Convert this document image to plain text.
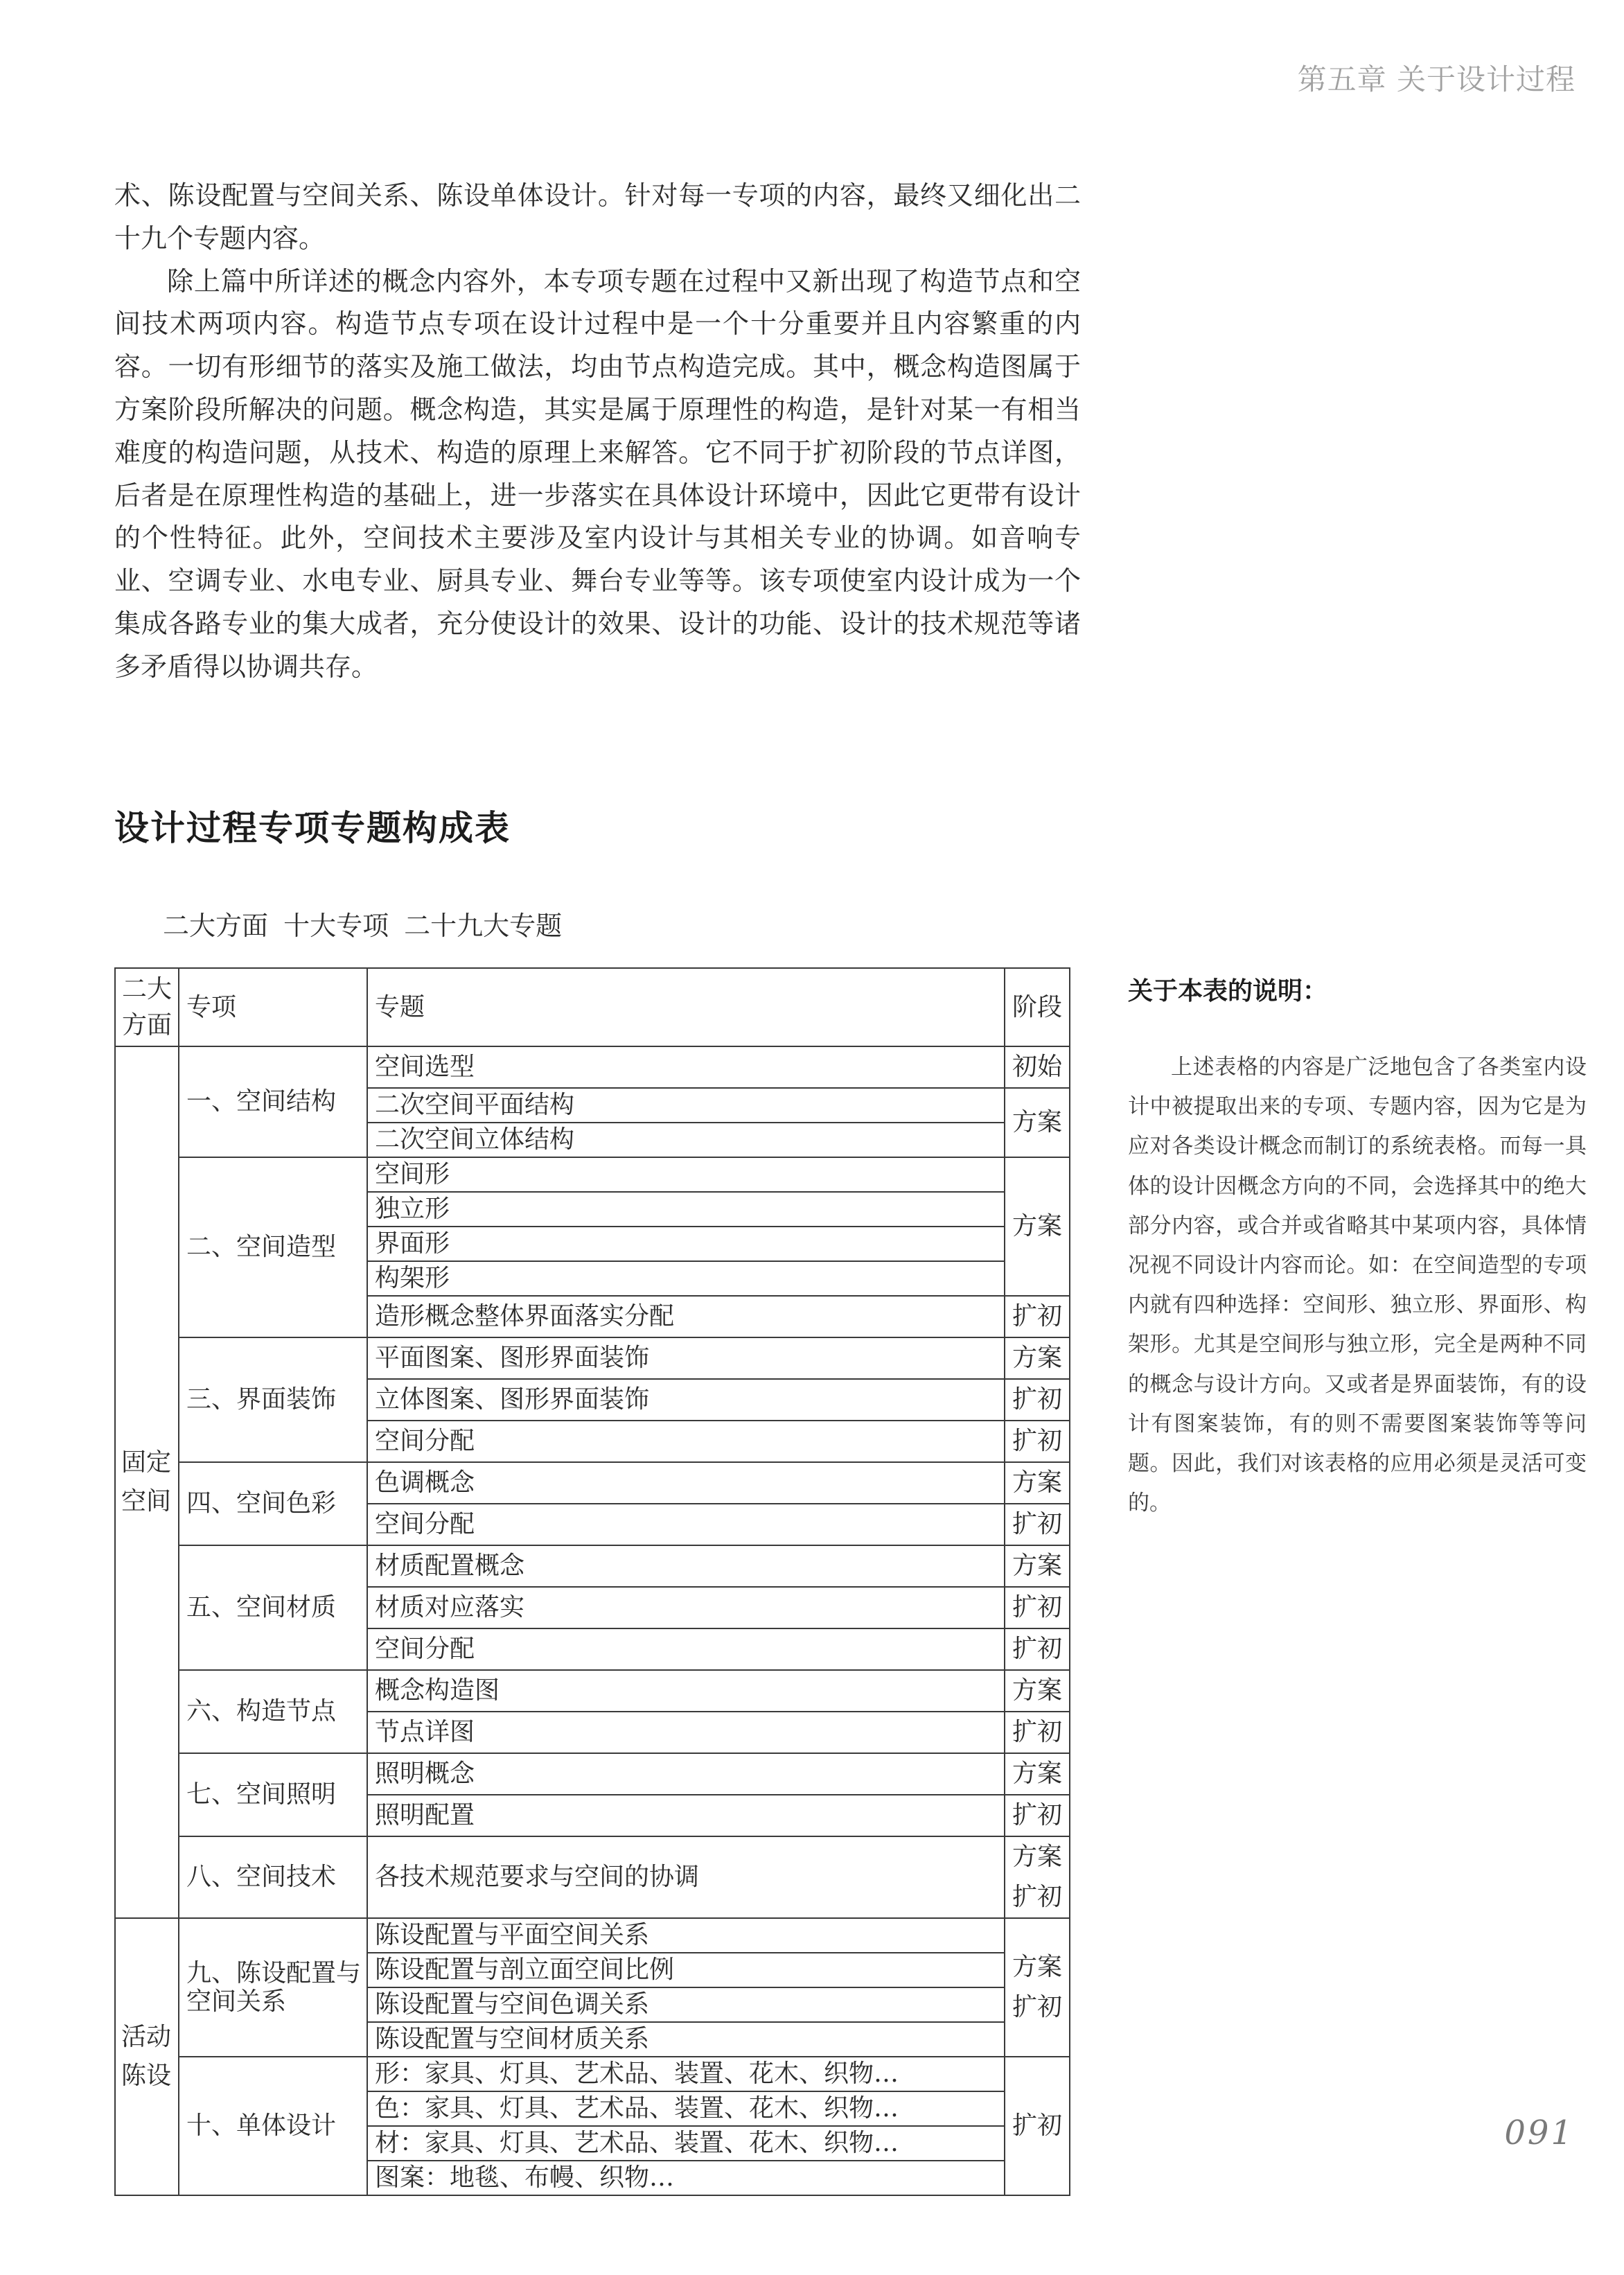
第五章 关于设计过程

术、陈设配置与空间关系、陈设单体设计。针对每一专项的内容，最终又细化出二十九个专题内容。

除上篇中所详述的概念内容外，本专项专题在过程中又新出现了构造节点和空间技术两项内容。构造节点专项在设计过程中是一个十分重要并且内容繁重的内容。一切有形细节的落实及施工做法，均由节点构造完成。其中，概念构造图属于方案阶段所解决的问题。概念构造，其实是属于原理性的构造，是针对某一有相当难度的构造问题，从技术、构造的原理上来解答。它不同于扩初阶段的节点详图，后者是在原理性构造的基础上，进一步落实在具体设计环境中，因此它更带有设计的个性特征。此外，空间技术主要涉及室内设计与其相关专业的协调。如音响专业、空调专业、水电专业、厨具专业、舞台专业等等。该专项使室内设计成为一个集成各路专业的集大成者，充分使设计的效果、设计的功能、设计的技术规范等诸多矛盾得以协调共存。

设计过程专项专题构成表
二大方面 十大专项 二十九大专题
二大方面	专项	专题	阶段
固定空间	一、空间结构	空间选型	初始
		二次空间平面结构	方案
		二次空间立体结构	
	二、空间造型	空间形	方案
		独立形	
		界面形	
		构架形	
		造形概念整体界面落实分配	扩初
	三、界面装饰	平面图案、图形界面装饰	方案
		立体图案、图形界面装饰	扩初
		空间分配	扩初
	四、空间色彩	色调概念	方案
		空间分配	扩初
	五、空间材质	材质配置概念	方案
		材质对应落实	扩初
		空间分配	扩初
	六、构造节点	概念构造图	方案
		节点详图	扩初
	七、空间照明	照明概念	方案
		照明配置	扩初
	八、空间技术	各技术规范要求与空间的协调	方案 扩初
活动陈设	九、陈设配置与空间关系	陈设配置与平面空间关系	方案 扩初
		陈设配置与剖立面空间比例	
		陈设配置与空间色调关系	
		陈设配置与空间材质关系	
	十、单体设计	形：家具、灯具、艺术品、装置、花木、织物…	扩初
		色：家具、灯具、艺术品、装置、花木、织物…	
		材：家具、灯具、艺术品、装置、花木、织物…	
		图案：地毯、布幔、织物…	
关于本表的说明：
上述表格的内容是广泛地包含了各类室内设计中被提取出来的专项、专题内容，因为它是为应对各类设计概念而制订的系统表格。而每一具体的设计因概念方向的不同，会选择其中的绝大部分内容，或合并或省略其中某项内容，具体情况视不同设计内容而论。如：在空间造型的专项内就有四种选择：空间形、独立形、界面形、构架形。尤其是空间形与独立形，完全是两种不同的概念与设计方向。又或者是界面装饰，有的设计有图案装饰，有的则不需要图案装饰等等问题。因此，我们对该表格的应用必须是灵活可变的。
091
